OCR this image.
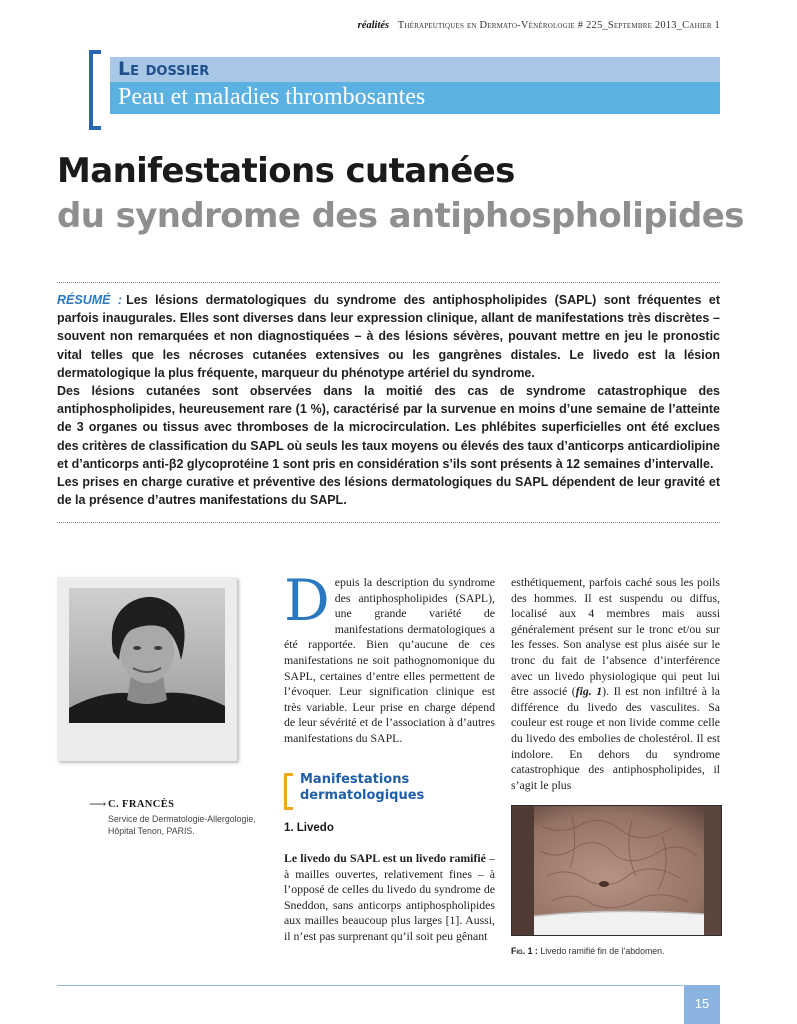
réalités Thérapeutiques en Dermato-Vénérologie # 225_Septembre 2013_Cahier 1
Le dossier
Peau et maladies thrombosantes
Manifestations cutanées
du syndrome des antiphospholipides

RÉSUMÉ : Les lésions dermatologiques du syndrome des antiphospholipides (SAPL) sont fréquentes et parfois inaugurales. Elles sont diverses dans leur expression clinique, allant de manifestations très discrètes – souvent non remarquées et non diagnostiquées – à des lésions sévères, pouvant mettre en jeu le pronostic vital telles que les nécroses cutanées extensives ou les gangrènes distales. Le livedo est la lésion dermatologique la plus fréquente, marqueur du phénotype artériel du syndrome.

Des lésions cutanées sont observées dans la moitié des cas de syndrome catastrophique des antiphospholipides, heureusement rare (1 %), caractérisé par la survenue en moins d’une semaine de l’atteinte de 3 organes ou tissus avec thromboses de la microcirculation. Les phlébites superficielles ont été exclues des critères de classification du SAPL où seuls les taux moyens ou élevés des taux d’anticorps anticardiolipine et d’anticorps anti-β2 glycoprotéine 1 sont pris en considération s’ils sont présents à 12 semaines d’intervalle.

Les prises en charge curative et préventive des lésions dermatologiques du SAPL dépendent de leur gravité et de la présence d’autres manifestations du SAPL.

⟶ C. FRANCÈS
Service de Dermatologie-Allergologie, Hôpital Tenon, PARIS.
D epuis la description du syndrome des antiphospholipides (SAPL), une grande variété de manifestations dermatologiques a été rapportée. Bien qu’aucune de ces manifestations ne soit pathognomonique du SAPL, certaines d’entre elles permettent de l’évoquer. Leur signification clinique est très variable. Leur prise en charge dépend de leur sévérité et de l’association à d’autres manifestations du SAPL.

Manifestations dermatologiques
1. Livedo

Le livedo du SAPL est un livedo ramifié – à mailles ouvertes, relativement fines – à l’opposé de celles du livedo du syndrome de Sneddon, sans anticorps antiphospholipides aux mailles beaucoup plus larges [1]. Aussi, il n’est pas surprenant qu’il soit peu gênant

esthétiquement, parfois caché sous les poils des hommes. Il est suspendu ou diffus, localisé aux 4 membres mais aussi généralement présent sur le tronc et/ou sur les fesses. Son analyse est plus aisée sur le tronc du fait de l’absence d’interférence avec un livedo physiologique qui peut lui être associé (fig. 1). Il est non infiltré à la différence du livedo des vasculites. Sa couleur est rouge et non livide comme celle du livedo des embolies de cholestérol. Il est indolore. En dehors du syndrome catastrophique des antiphospholipides, il s’agit le plus

Fig. 1 : Livedo ramifié fin de l’abdomen.
15
